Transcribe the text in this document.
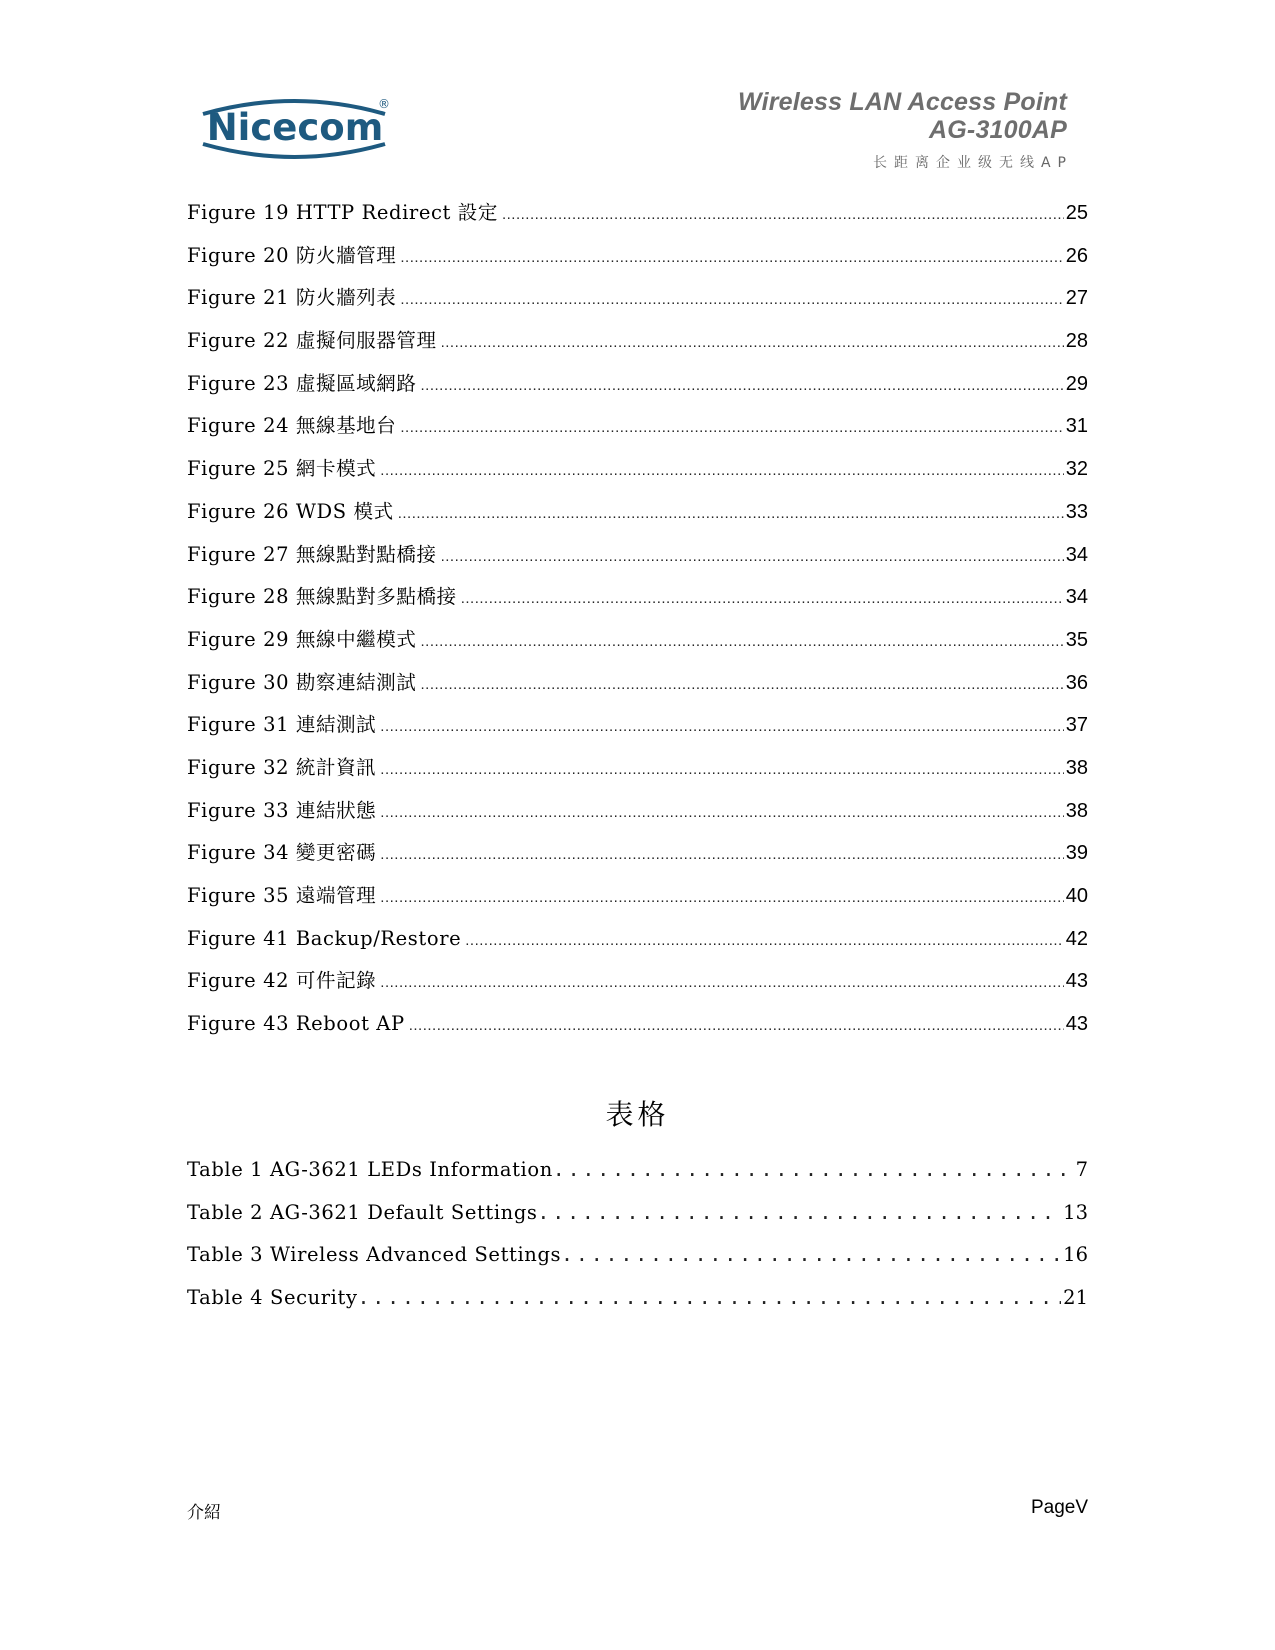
Nicecom
®	Wireless LAN Access Point
AG-3100AP
长距离企业级无线AP
Figure 19 HTTP Redirect 設定 .....	25
Figure 20 防火牆管理 .....	26
Figure 21 防火牆列表 .....	27
Figure 22 虛擬伺服器管理 .....	28
Figure 23 虛擬區域網路 .....	29
Figure 24 無線基地台 .....	31
Figure 25 網卡模式 .....	32
Figure 26 WDS 模式 .....	33
Figure 27 無線點對點橋接 .....	34
Figure 28 無線點對多點橋接 .....	34
Figure 29 無線中繼模式 .....	35
Figure 30 勘察連結測試 .....	36
Figure 31 連結測試 .....	37
Figure 32 統計資訊 .....	38
Figure 33 連結狀態 .....	38
Figure 34 變更密碼 .....	39
Figure 35 遠端管理 .....	40
Figure 41 Backup/Restore .....	42
Figure 42 可件記錄 .....	43
Figure 43 Reboot AP .....	43
表格
Table 1 AG-3621 LEDs Information .....	7
Table 2 AG-3621 Default Settings .....	13
Table 3 Wireless Advanced Settings .....	16
Table 4 Security .....	21
介紹	PageV
